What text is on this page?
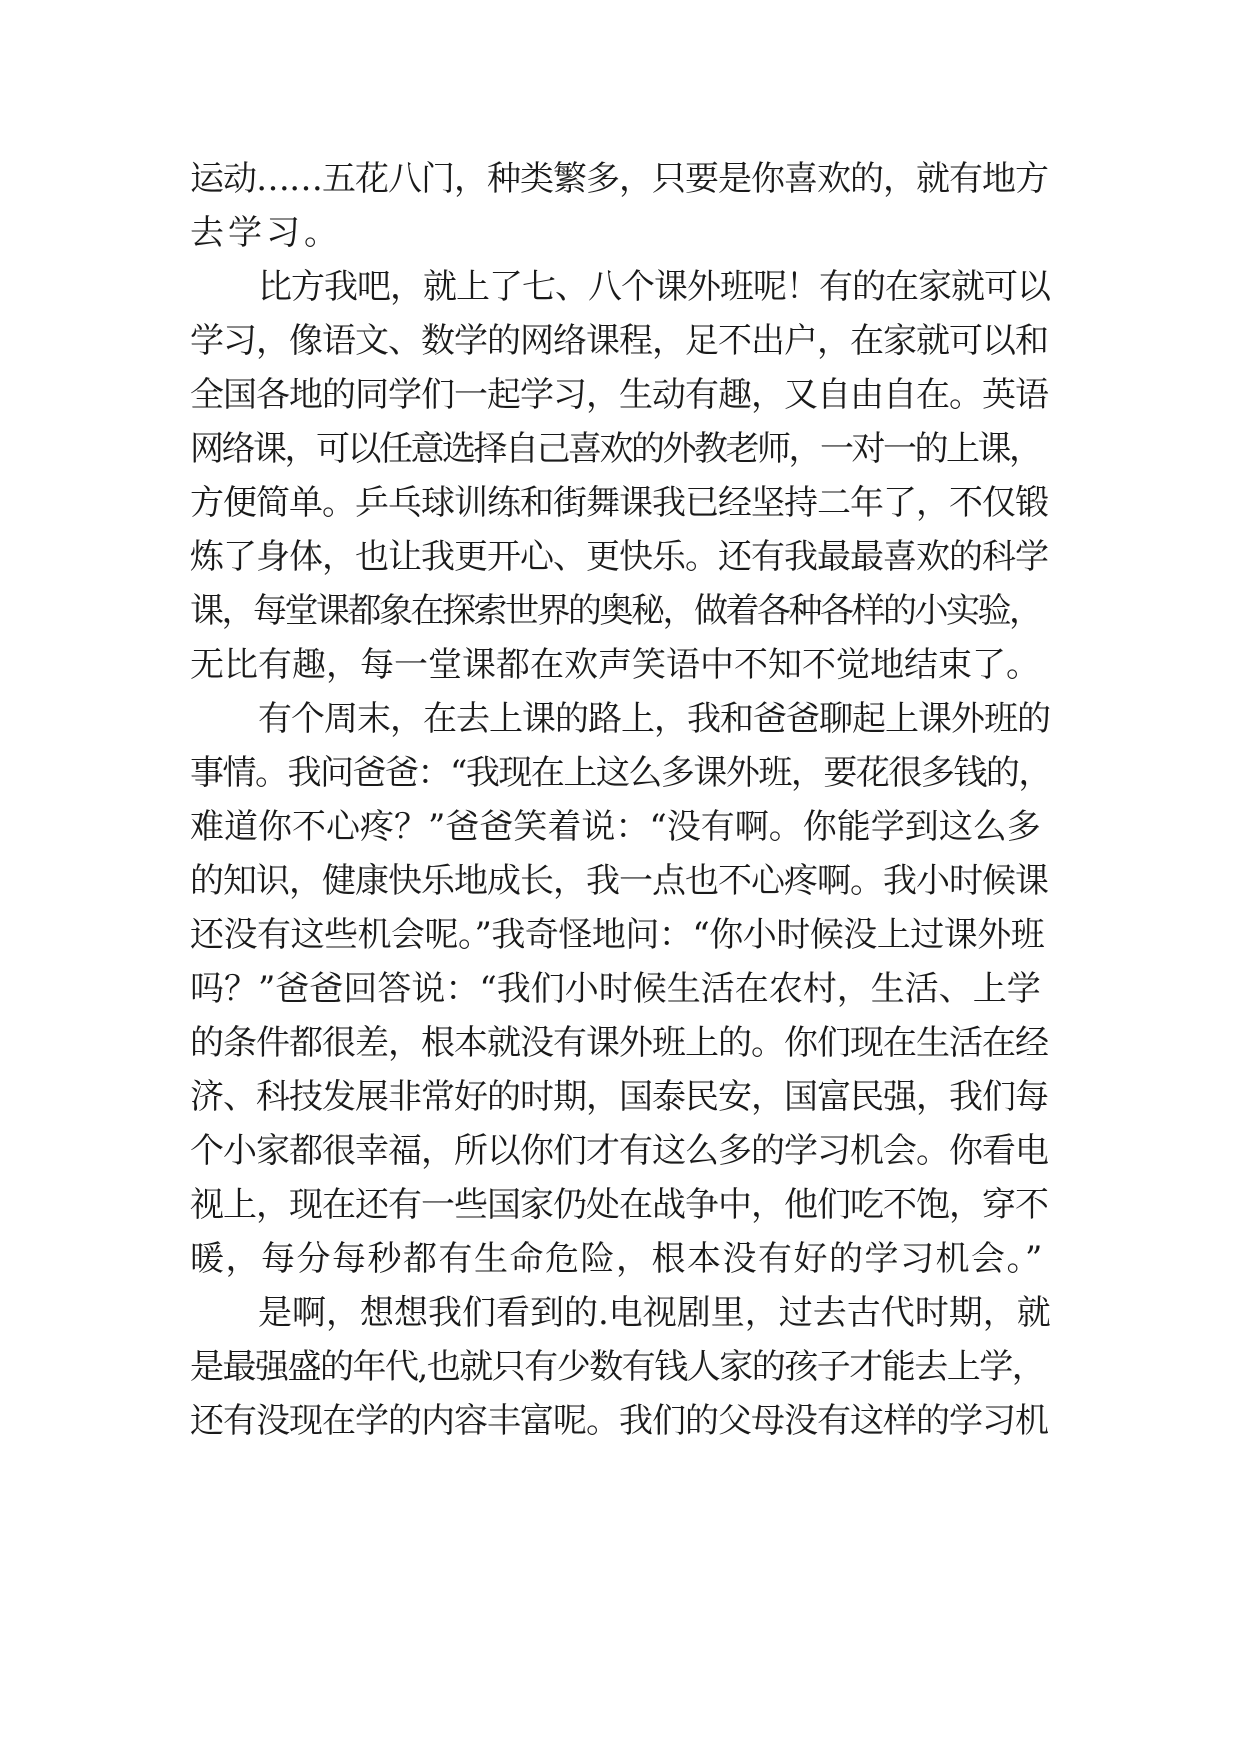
运动……五花八门，种类繁多，只要是你喜欢的，就有地方
去学习。
比方我吧，就上了七、八个课外班呢！有的在家就可以
学习，像语文、数学的网络课程，足不出户，在家就可以和
全国各地的同学们一起学习，生动有趣，又自由自在。英语
网络课，可以任意选择自己喜欢的外教老师，一对一的上课，
方便简单。乒乓球训练和街舞课我已经坚持二年了，不仅锻
炼了身体，也让我更开心、更快乐。还有我最最喜欢的科学
课，每堂课都象在探索世界的奥秘，做着各种各样的小实验，
无比有趣，每一堂课都在欢声笑语中不知不觉地结束了。
有个周末，在去上课的路上，我和爸爸聊起上课外班的
事情。我问爸爸：“我现在上这么多课外班，要花很多钱的，
难道你不心疼？”爸爸笑着说：“没有啊。你能学到这么多
的知识，健康快乐地成长，我一点也不心疼啊。我小时候课
还没有这些机会呢。”我奇怪地问：“你小时候没上过课外班
吗？”爸爸回答说：“我们小时候生活在农村，生活、上学
的条件都很差，根本就没有课外班上的。你们现在生活在经
济、科技发展非常好的时期，国泰民安，国富民强，我们每
个小家都很幸福，所以你们才有这么多的学习机会。你看电
视上，现在还有一些国家仍处在战争中，他们吃不饱，穿不
暖，每分每秒都有生命危险，根本没有好的学习机会。”
是啊，想想我们看到的.电视剧里，过去古代时期，就
是最强盛的年代,也就只有少数有钱人家的孩子才能去上学，
还有没现在学的内容丰富呢。我们的父母没有这样的学习机
